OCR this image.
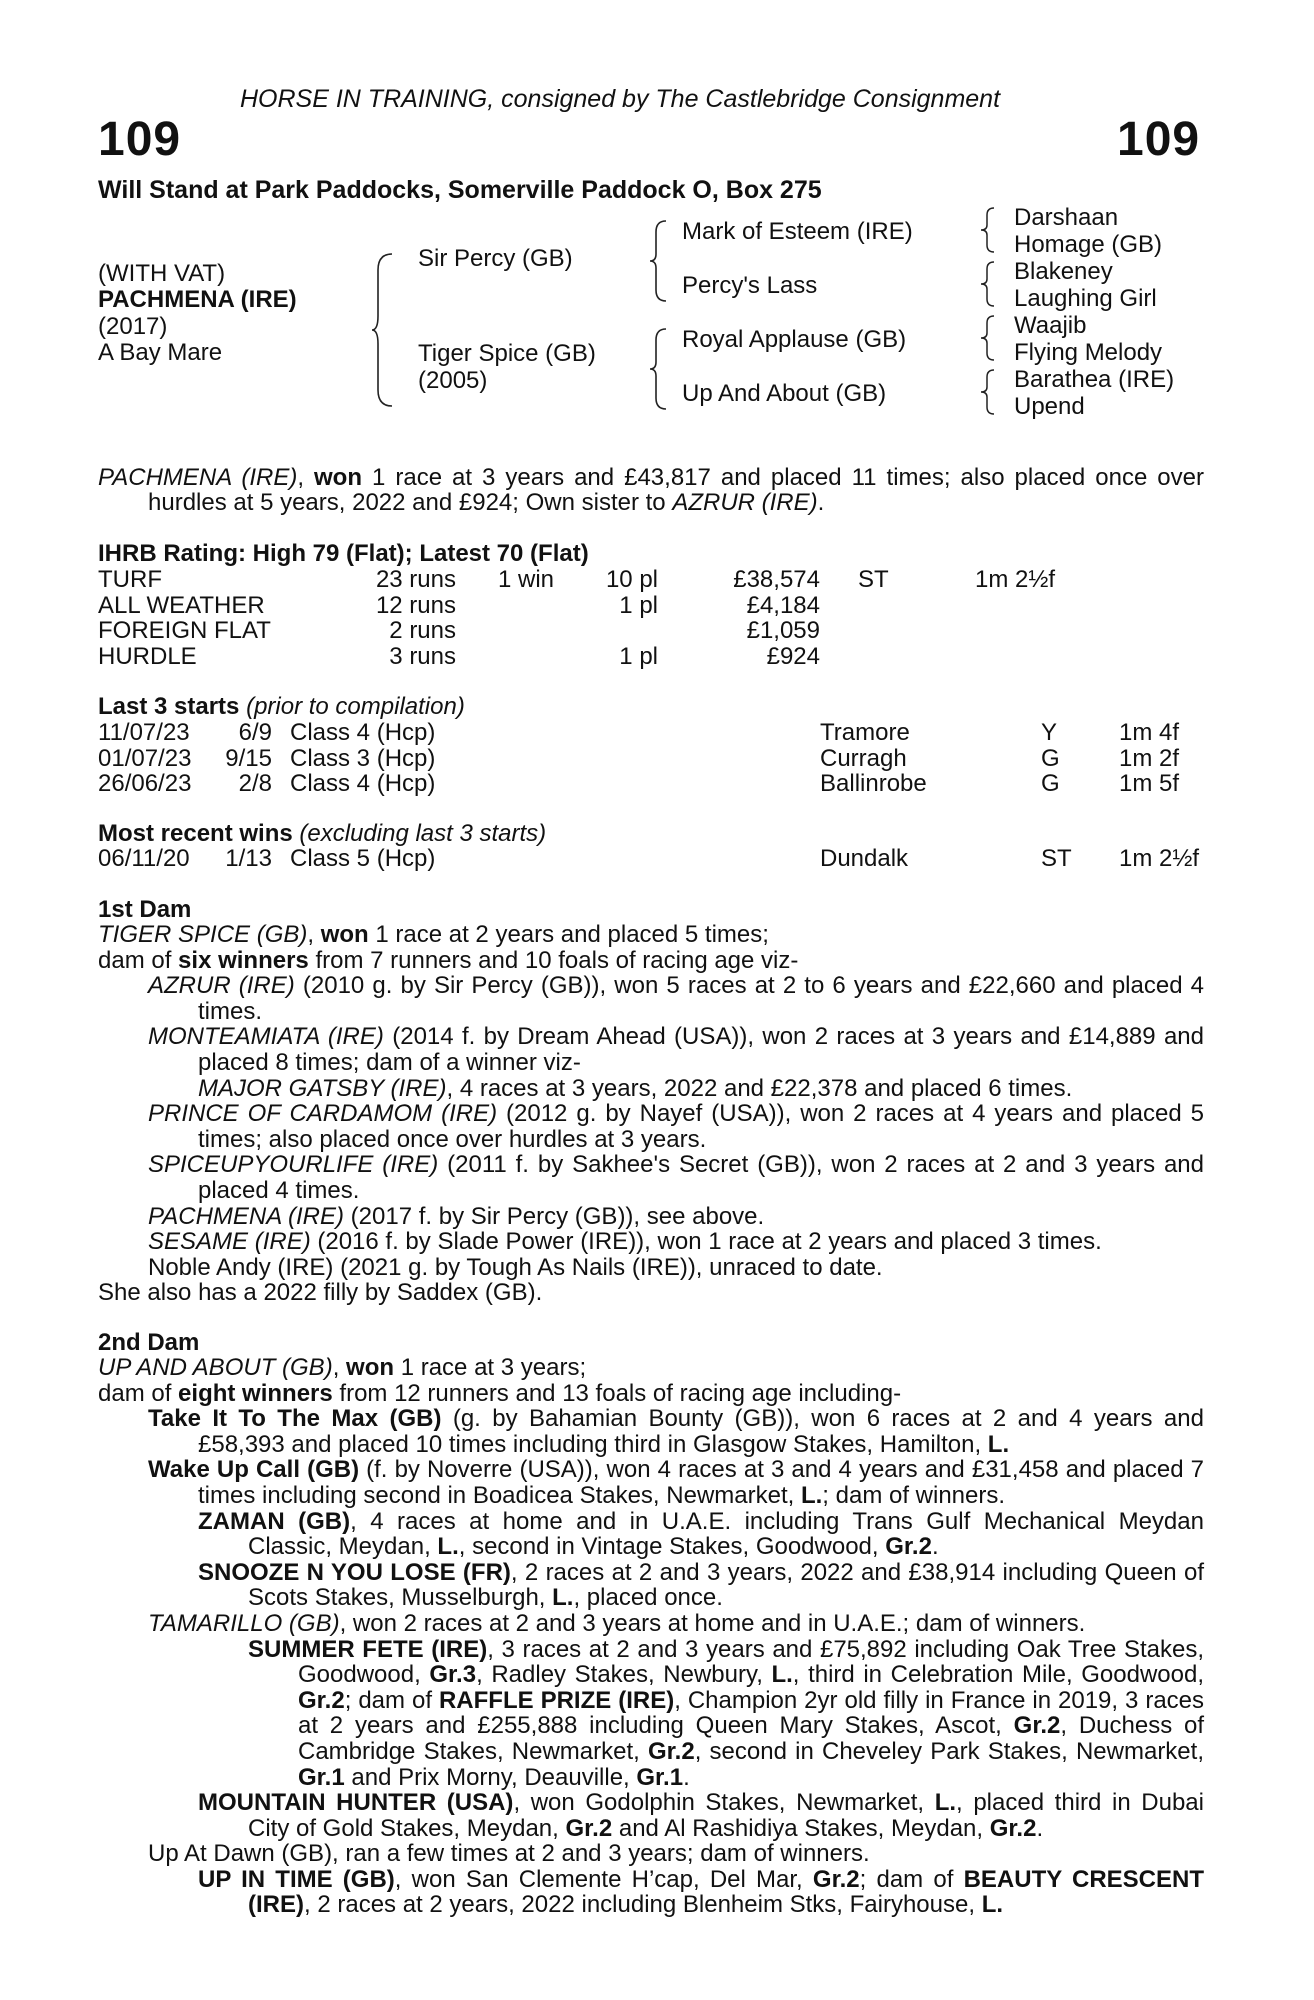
HORSE IN TRAINING, consigned by The Castlebridge Consignment
109	109
Will Stand at Park Paddocks, Somerville Paddock O, Box 275
(WITH VAT)
PACHMENA (IRE)
(2017)
A Bay Mare
Sir Percy (GB)
Tiger Spice (GB)
(2005)
Mark of Esteem (IRE)
Percy's Lass
Royal Applause (GB)
Up And About (GB)
Darshaan
Homage (GB)
Blakeney
Laughing Girl
Waajib
Flying Melody
Barathea (IRE)
Upend

PACHMENA (IRE), won 1 race at 3 years and £43,817 and placed 11 times; also placed once over hurdles at 5 years, 2022 and £924; Own sister to AZRUR (IRE).

IHRB Rating: High 79 (Flat); Latest 70 (Flat)
TURF	23 runs 1 win	10 pl	£38,574 ST	1m 2½f
ALL WEATHER	12 runs	1 pl	£4,184
FOREIGN FLAT	2 runs	£1,059
HURDLE	3 runs	1 pl	£924
Last 3 starts (prior to compilation)
11/07/23	6/9 Class 4 (Hcp)	Tramore	Y	1m 4f
01/07/23	9/15 Class 3 (Hcp)	Curragh	G 1m 2f
26/06/23	2/8 Class 4 (Hcp)	Ballinrobe	G 1m 5f
Most recent wins (excluding last 3 starts)
06/11/20	1/13 Class 5 (Hcp)	Dundalk	ST 1m 2½f
1st Dam

TIGER SPICE (GB), won 1 race at 2 years and placed 5 times;

dam of six winners from 7 runners and 10 foals of racing age viz-

AZRUR (IRE) (2010 g. by Sir Percy (GB)), won 5 races at 2 to 6 years and £22,660 and placed 4 times.

MONTEAMIATA (IRE) (2014 f. by Dream Ahead (USA)), won 2 races at 3 years and £14,889 and placed 8 times; dam of a winner viz-

MAJOR GATSBY (IRE), 4 races at 3 years, 2022 and £22,378 and placed 6 times.

PRINCE OF CARDAMOM (IRE) (2012 g. by Nayef (USA)), won 2 races at 4 years and placed 5 times; also placed once over hurdles at 3 years.

SPICEUPYOURLIFE (IRE) (2011 f. by Sakhee's Secret (GB)), won 2 races at 2 and 3 years and placed 4 times.

PACHMENA (IRE) (2017 f. by Sir Percy (GB)), see above.

SESAME (IRE) (2016 f. by Slade Power (IRE)), won 1 race at 2 years and placed 3 times.

Noble Andy (IRE) (2021 g. by Tough As Nails (IRE)), unraced to date.

She also has a 2022 filly by Saddex (GB).

2nd Dam

UP AND ABOUT (GB), won 1 race at 3 years;

dam of eight winners from 12 runners and 13 foals of racing age including-

Take It To The Max (GB) (g. by Bahamian Bounty (GB)), won 6 races at 2 and 4 years and £58,393 and placed 10 times including third in Glasgow Stakes, Hamilton, L.

Wake Up Call (GB) (f. by Noverre (USA)), won 4 races at 3 and 4 years and £31,458 and placed 7 times including second in Boadicea Stakes, Newmarket, L.; dam of winners.

ZAMAN (GB), 4 races at home and in U.A.E. including Trans Gulf Mechanical Meydan Classic, Meydan, L., second in Vintage Stakes, Goodwood, Gr.2.

SNOOZE N YOU LOSE (FR), 2 races at 2 and 3 years, 2022 and £38,914 including Queen of Scots Stakes, Musselburgh, L., placed once.

TAMARILLO (GB), won 2 races at 2 and 3 years at home and in U.A.E.; dam of winners.

SUMMER FETE (IRE), 3 races at 2 and 3 years and £75,892 including Oak Tree Stakes, Goodwood, Gr.3, Radley Stakes, Newbury, L., third in Celebration Mile, Goodwood, Gr.2; dam of RAFFLE PRIZE (IRE), Champion 2yr old filly in France in 2019, 3 races at 2 years and £255,888 including Queen Mary Stakes, Ascot, Gr.2, Duchess of Cambridge Stakes, Newmarket, Gr.2, second in Cheveley Park Stakes, Newmarket, Gr.1 and Prix Morny, Deauville, Gr.1.

MOUNTAIN HUNTER (USA), won Godolphin Stakes, Newmarket, L., placed third in Dubai City of Gold Stakes, Meydan, Gr.2 and Al Rashidiya Stakes, Meydan, Gr.2.

Up At Dawn (GB), ran a few times at 2 and 3 years; dam of winners.

UP IN TIME (GB), won San Clemente H’cap, Del Mar, Gr.2; dam of BEAUTY CRESCENT (IRE), 2 races at 2 years, 2022 including Blenheim Stks, Fairyhouse, L.
